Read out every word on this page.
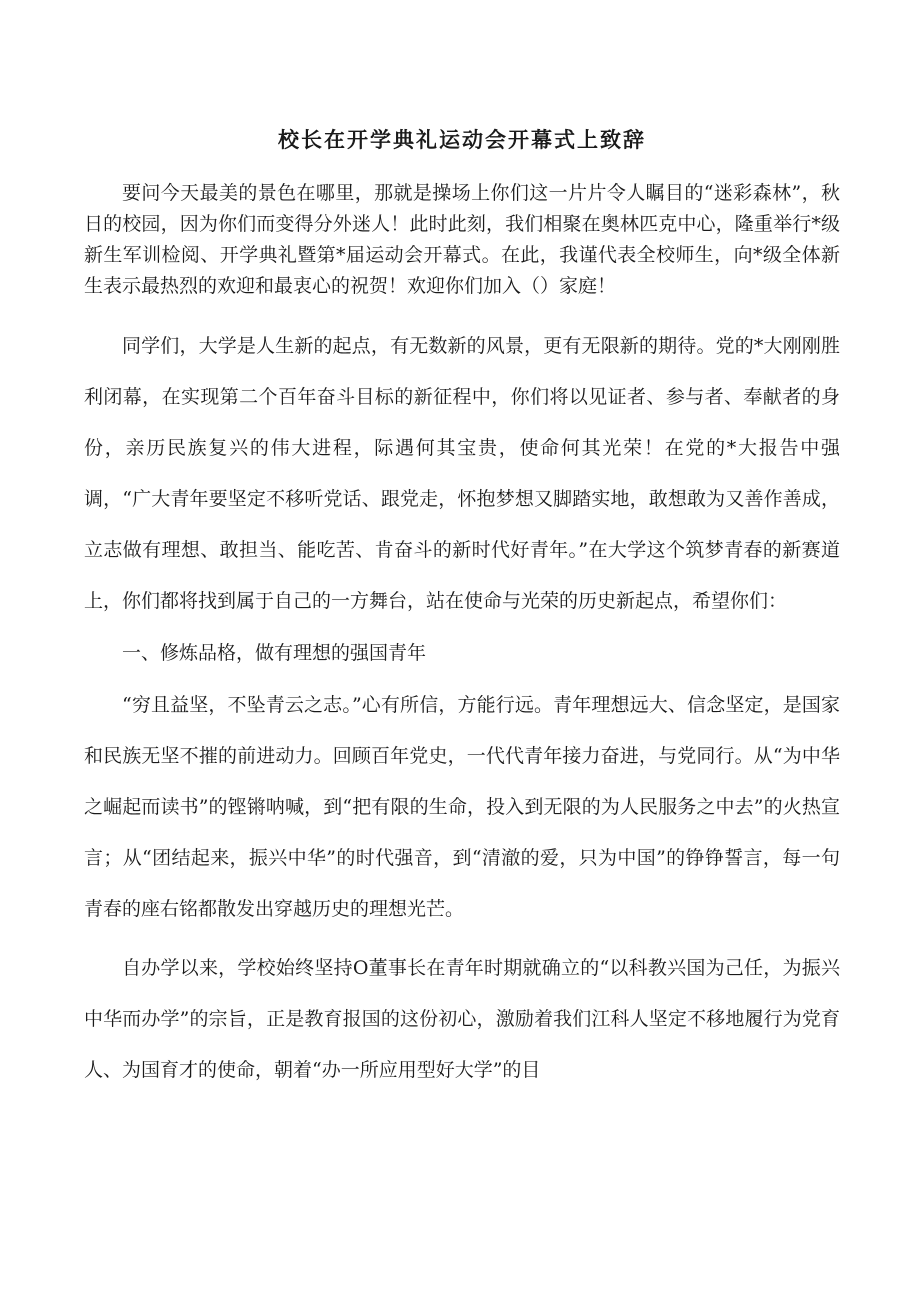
校长在开学典礼运动会开幕式上致辞

要问今天最美的景色在哪里，那就是操场上你们这一片片令人瞩目的“迷彩森林”，秋日的校园，因为你们而变得分外迷人！此时此刻，我们相聚在奥林匹克中心，隆重举行*级新生军训检阅、开学典礼暨第*届运动会开幕式。在此，我谨代表全校师生，向*级全体新生表示最热烈的欢迎和最衷心的祝贺！欢迎你们加入（）家庭！

同学们，大学是人生新的起点，有无数新的风景，更有无限新的期待。党的*大刚刚胜利闭幕，在实现第二个百年奋斗目标的新征程中，你们将以见证者、参与者、奉献者的身份，亲历民族复兴的伟大进程，际遇何其宝贵，使命何其光荣！在党的*大报告中强调，“广大青年要坚定不移听党话、跟党走，怀抱梦想又脚踏实地，敢想敢为又善作善成，立志做有理想、敢担当、能吃苦、肯奋斗的新时代好青年。”在大学这个筑梦青春的新赛道上，你们都将找到属于自己的一方舞台，站在使命与光荣的历史新起点，希望你们：

一、修炼品格，做有理想的强国青年

“穷且益坚，不坠青云之志。”心有所信，方能行远。青年理想远大、信念坚定，是国家和民族无坚不摧的前进动力。回顾百年党史，一代代青年接力奋进，与党同行。从“为中华之崛起而读书”的铿锵呐喊，到“把有限的生命，投入到无限的为人民服务之中去”的火热宣言；从“团结起来，振兴中华”的时代强音，到“清澈的爱，只为中国”的铮铮誓言，每一句青春的座右铭都散发出穿越历史的理想光芒。

自办学以来，学校始终坚持O董事长在青年时期就确立的“以科教兴国为己任，为振兴中华而办学”的宗旨，正是教育报国的这份初心，激励着我们江科人坚定不移地履行为党育人、为国育才的使命，朝着“办一所应用型好大学”的目
